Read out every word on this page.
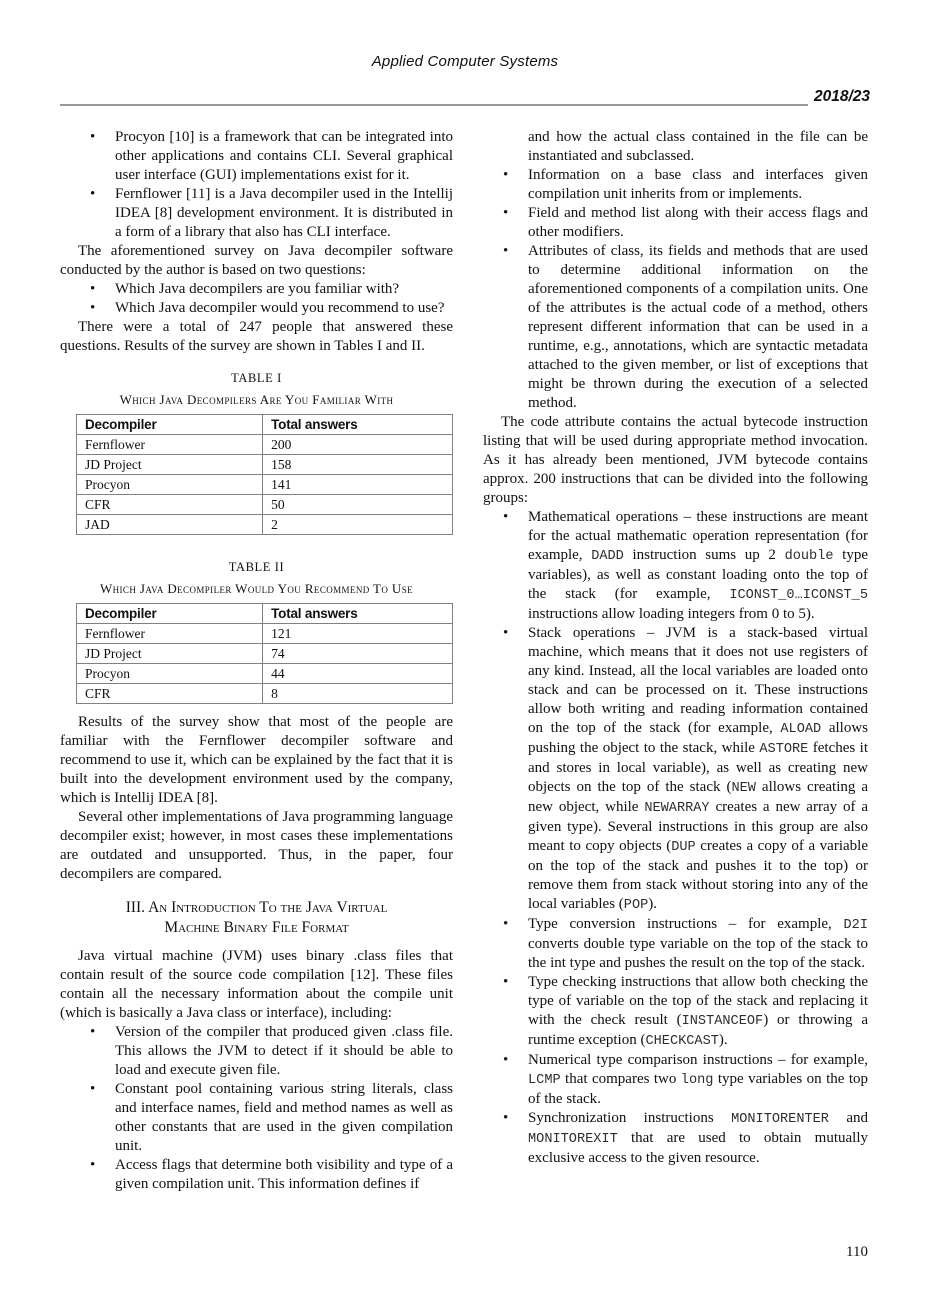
Applied Computer Systems
2018/23
•
Procyon [10] is a framework that can be integrated into other applications and contains CLI. Several graphical user interface (GUI) implementations exist for it.
•
Fernflower [11] is a Java decompiler used in the Intellij IDEA [8] development environment. It is distributed in a form of a library that also has CLI interface.

The aforementioned survey on Java decompiler software conducted by the author is based on two questions:

•
Which Java decompilers are you familiar with?
•
Which Java decompiler would you recommend to use?

There were a total of 247 people that answered these questions. Results of the survey are shown in Tables I and II.

TABLE I
Which Java Decompilers Are You Familiar With
Decompiler	Total answers
Fernflower	200
JD Project	158
Procyon	141
CFR	50
JAD	2
TABLE II
Which Java Decompiler Would You Recommend To Use
Decompiler	Total answers
Fernflower	121
JD Project	74
Procyon	44
CFR	8

Results of the survey show that most of the people are familiar with the Fernflower decompiler software and recommend to use it, which can be explained by the fact that it is built into the development environment used by the company, which is Intellij IDEA [8].

Several other implementations of Java programming language decompiler exist; however, in most cases these implementations are outdated and unsupported. Thus, in the paper, four decompilers are compared.

III. An Introduction To the Java Virtual
Machine Binary File Format

Java virtual machine (JVM) uses binary .class files that contain result of the source code compilation [12]. These files contain all the necessary information about the compile unit (which is basically a Java class or interface), including:

•
Version of the compiler that produced given .class file. This allows the JVM to detect if it should be able to load and execute given file.
•
Constant pool containing various string literals, class and interface names, field and method names as well as other constants that are used in the given compilation unit.
•
Access flags that determine both visibility and type of a given compilation unit. This information defines if

and how the actual class contained in the file can be instantiated and subclassed.

•
Information on a base class and interfaces given compilation unit inherits from or implements.
•
Field and method list along with their access flags and other modifiers.
•
Attributes of class, its fields and methods that are used to determine additional information on the aforementioned components of a compilation units. One of the attributes is the actual code of a method, others represent different information that can be used in a runtime, e.g., annotations, which are syntactic metadata attached to the given member, or list of exceptions that might be thrown during the execution of a selected method.

The code attribute contains the actual bytecode instruction listing that will be used during appropriate method invocation. As it has already been mentioned, JVM bytecode contains approx. 200 instructions that can be divided into the following groups:

•
Mathematical operations – these instructions are meant for the actual mathematic operation representation (for example, DADD instruction sums up 2 double type variables), as well as constant loading onto the top of the stack (for example, ICONST_0…ICONST_5 instructions allow loading integers from 0 to 5).
•
Stack operations – JVM is a stack-based virtual machine, which means that it does not use registers of any kind. Instead, all the local variables are loaded onto stack and can be processed on it. These instructions allow both writing and reading information contained on the top of the stack (for example, ALOAD allows pushing the object to the stack, while ASTORE fetches it and stores in local variable), as well as creating new objects on the top of the stack (NEW allows creating a new object, while NEWARRAY creates a new array of a given type). Several instructions in this group are also meant to copy objects (DUP creates a copy of a variable on the top of the stack and pushes it to the top) or remove them from stack without storing into any of the local variables (POP).
•
Type conversion instructions – for example, D2I converts double type variable on the top of the stack to the int type and pushes the result on the top of the stack.
•
Type checking instructions that allow both checking the type of variable on the top of the stack and replacing it with the check result (INSTANCEOF) or throwing a runtime exception (CHECKCAST).
•
Numerical type comparison instructions – for example, LCMP that compares two long type variables on the top of the stack.
•
Synchronization instructions MONITORENTER and MONITOREXIT that are used to obtain mutually exclusive access to the given resource.
110
